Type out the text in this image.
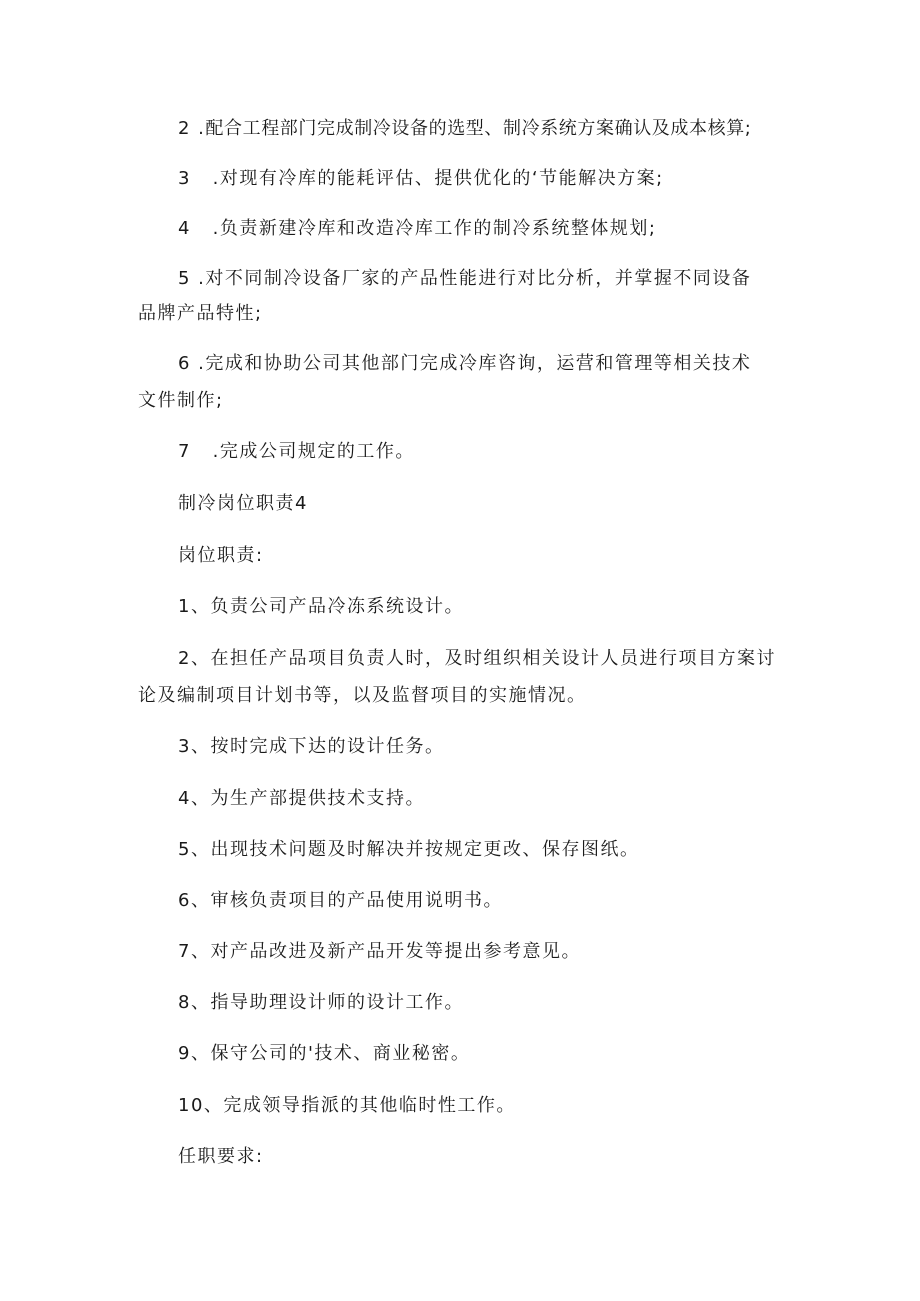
2 .配合工程部门完成制冷设备的选型、制冷系统方案确认及成本核算;
3   .对现有冷库的能耗评估、提供优化的‘节能解决方案;
4   .负责新建冷库和改造冷库工作的制冷系统整体规划;
5 .对不同制冷设备厂家的产品性能进行对比分析，并掌握不同设备
品牌产品特性;
6 .完成和协助公司其他部门完成冷库咨询，运营和管理等相关技术
文件制作;
7   .完成公司规定的工作。
制冷岗位职责4
岗位职责:
1、负责公司产品冷冻系统设计。
2、在担任产品项目负责人时，及时组织相关设计人员进行项目方案讨
论及编制项目计划书等，以及监督项目的实施情况。
3、按时完成下达的设计任务。
4、为生产部提供技术支持。
5、出现技术问题及时解决并按规定更改、保存图纸。
6、审核负责项目的产品使用说明书。
7、对产品改进及新产品开发等提出参考意见。
8、指导助理设计师的设计工作。
9、保守公司的'技术、商业秘密。
10、完成领导指派的其他临时性工作。
任职要求:
